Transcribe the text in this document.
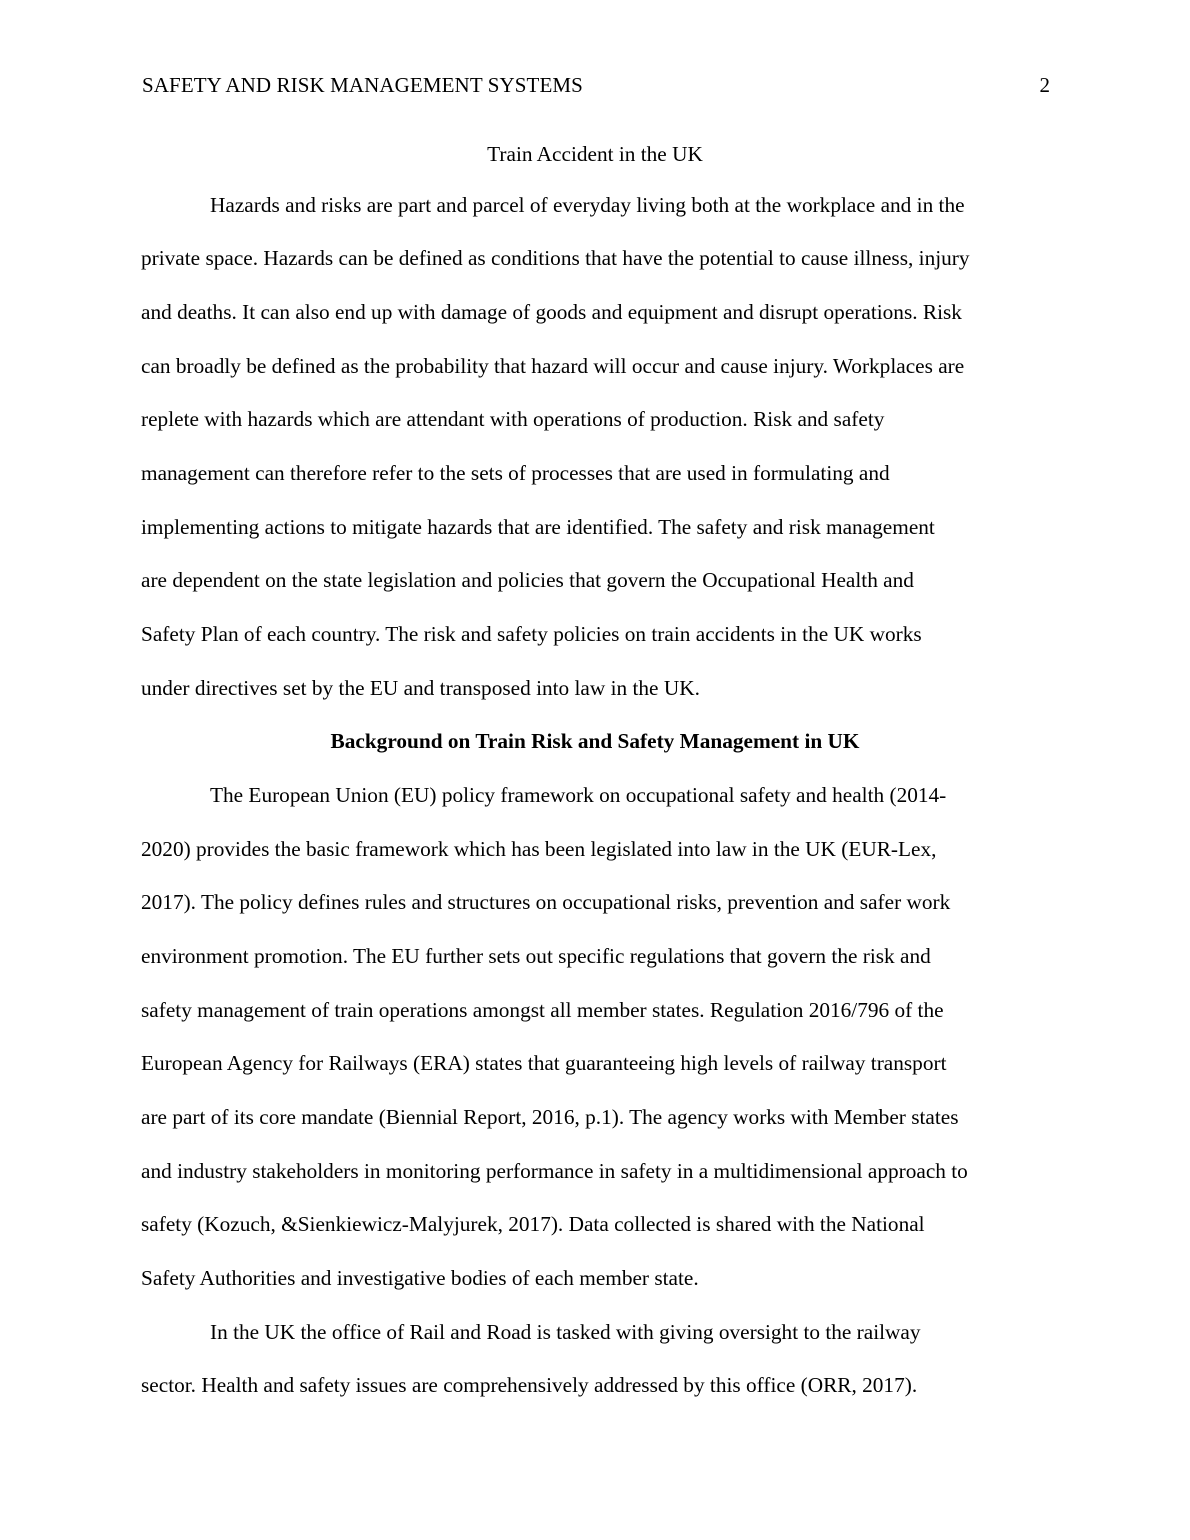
SAFETY AND RISK MANAGEMENT SYSTEMS	2
Train Accident in the UK
Hazards and risks are part and parcel of everyday living both at the workplace and in the
private space. Hazards can be defined as conditions that have the potential to cause illness, injury
and deaths. It can also end up with damage of goods and equipment and disrupt operations. Risk
can broadly be defined as the probability that hazard will occur and cause injury. Workplaces are
replete with hazards which are attendant with operations of production. Risk and safety
management can therefore refer to the sets of processes that are used in formulating and
implementing actions to mitigate hazards that are identified. The safety and risk management
are dependent on the state legislation and policies that govern the Occupational Health and
Safety Plan of each country. The risk and safety policies on train accidents in the UK works
under directives set by the EU and transposed into law in the UK.
Background on Train Risk and Safety Management in UK
The European Union (EU) policy framework on occupational safety and health (2014-
2020) provides the basic framework which has been legislated into law in the UK (EUR-Lex,
2017). The policy defines rules and structures on occupational risks, prevention and safer work
environment promotion. The EU further sets out specific regulations that govern the risk and
safety management of train operations amongst all member states. Regulation 2016/796 of the
European Agency for Railways (ERA) states that guaranteeing high levels of railway transport
are part of its core mandate (Biennial Report, 2016, p.1). The agency works with Member states
and industry stakeholders in monitoring performance in safety in a multidimensional approach to
safety (Kozuch, &Sienkiewicz-Malyjurek, 2017). Data collected is shared with the National
Safety Authorities and investigative bodies of each member state.
In the UK the office of Rail and Road is tasked with giving oversight to the railway
sector. Health and safety issues are comprehensively addressed by this office (ORR, 2017).
